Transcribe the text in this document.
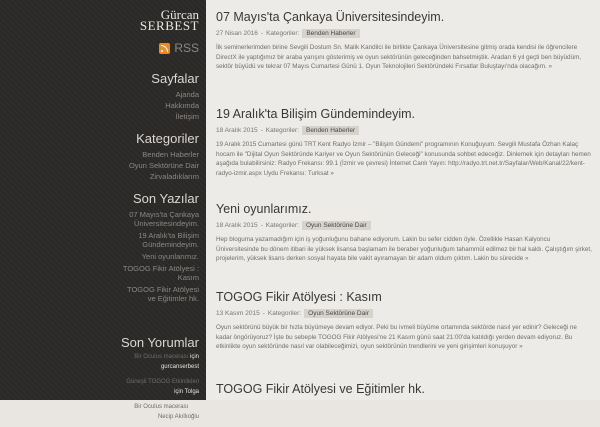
Gürcan
SERBEST
RSS
Sayfalar
Ajanda
Hakkımda
İletişim
Kategoriler
Benden Haberler
Oyun Sektörüne Dair
Zirvaladıklarım
Son Yazılar
07 Mayıs'ta Çankaya
Üniversitesindeyim.
19 Aralık'ta Bilişim
Gündemindeyim.
Yeni oyunlarımız.
TOGOG Fikir Atölyesi :
Kasım
TOGOG Fikir Atölyesi
ve Eğitimler hk.
Son Yorumlar
Bir Oculus macerası için
gurcanserbest
Güneşli TOGOG Etkinlikleri
için Tolga
Bir Oculus macerası için
Necip Akıllıoğlu
07 Mayıs'ta Çankaya Üniversitesindeyim.
27 Nisan 2016 - Kategoriler:	Benden Haberler
İlk seminerlerimden birine Sevgili Dostum Sn. Malik Kandilci ile birlikte Çankaya Üniversitesine gitmiş orada kendisi ile öğrencilere DirectX ile yaptığımız bir araba yarışını gösterimiş ve oyun sektörünün geleceğinden bahsetmiştik. Aradan 6 yıl geçti ben büyüdüm, sektör büyüdü ve tekrar 07 Mayıs Cumartesi Günü 1. Oyun Teknolojileri Sektöründeki Fırsatlar Buluştayı'nda olacağım. »
19 Aralık'ta Bilişim Gündemindeyim.
18 Aralık 2015 - Kategoriler:	Benden Haberler
19 Aralık 2015 Cumartesi günü TRT Kent Radyo İzmir – "Bilişim Gündemi" programının Konuğuyum. Sevgili Mustafa Özhan Kalaç hocam ile "Dijital Oyun Sektöründe Kariyer ve Oyun Sektörünün Geleceği" konusunda sohbet edeceğiz. Dinlemek için detayları hemen aşağıda bulabilirsiniz: Radyo Frekansı: 99.1 (İzmir ve çevresi) İnternet Canlı Yayın: http://radyo.trt.net.tr/Sayfalar/Web/Kanal/22/kent-radyo-izmir.aspx Uydu Frekansı: Turksat »
Yeni oyunlarımız.
18 Aralık 2015 - Kategoriler:	Oyun Sektörüne Dair
Hep bloguma yazamadığım için iş yoğunluğunu bahane ediyorum. Lakin bu sefer cidden öyle. Özellikle Hasan Kalyoncu Üniversitesinde bu dönem itibari ile yüksek lisansa başlamam ile beraber yoğunluğum tahammül edilmez bir hal kaldı. Çalıştığım şirket, projelerim, yüksek lisans derken sosyal hayata bile vakit ayıramayan bir adam oldum çıktım. Lakin bu sürecide »
TOGOG Fikir Atölyesi : Kasım
13 Kasım 2015 - Kategoriler:	Oyun Sektörüne Dair
Oyun sektörünü büyük bir hızla büyümeye devam ediyor. Peki bu ivmeli büyüme ortamında sektörde nasıl yer edinir? Geleceği ne kadar öngörüyoruz? İşte bu sebeple TOGOG Fikir Atölyesi'ne 21 Kasım günü saat 21:00'da katıldığı yerden devam ediyoruz. Bu etkinlikte oyun sektöründe nasıl var olabileceğimizi, oyun sektörünün trendlerini ve yeni girişimleri konuşuyor »
TOGOG Fikir Atölyesi ve Eğitimler hk.
